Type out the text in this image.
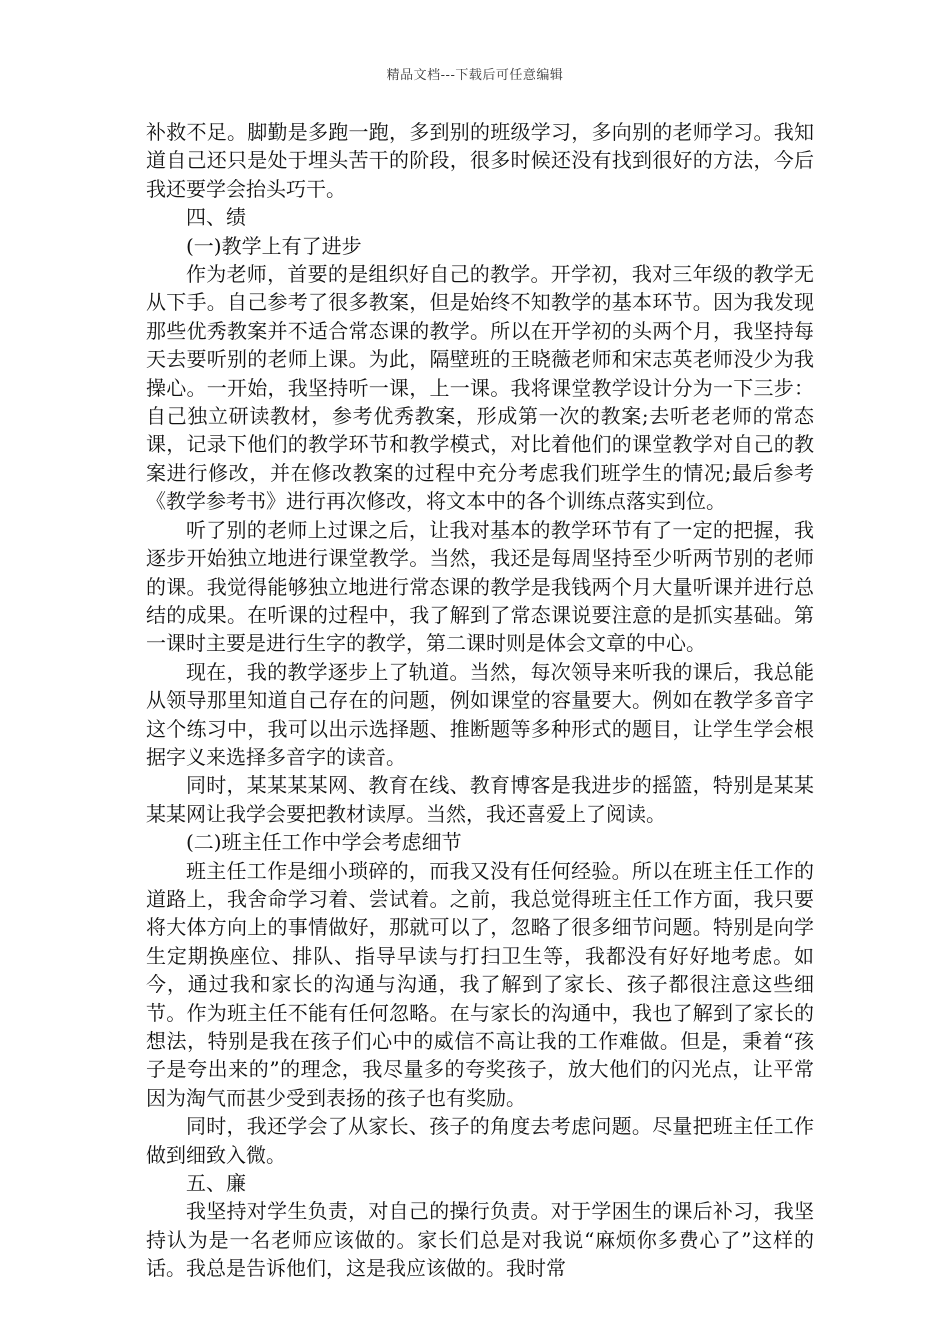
精品文档---下载后可任意编辑

补救不足。脚勤是多跑一跑，多到别的班级学习，多向别的老师学习。我知道自己还只是处于埋头苦干的阶段，很多时候还没有找到很好的方法，今后我还要学会抬头巧干。

四、绩

(一)教学上有了进步

作为老师，首要的是组织好自己的教学。开学初，我对三年级的教学无从下手。自己参考了很多教案，但是始终不知教学的基本环节。因为我发现那些优秀教案并不适合常态课的教学。所以在开学初的头两个月，我坚持每天去要听别的老师上课。为此，隔壁班的王晓薇老师和宋志英老师没少为我操心。一开始，我坚持听一课，上一课。我将课堂教学设计分为一下三步：自己独立研读教材，参考优秀教案，形成第一次的教案;去听老老师的常态课，记录下他们的教学环节和教学模式，对比着他们的课堂教学对自己的教案进行修改，并在修改教案的过程中充分考虑我们班学生的情况;最后参考《教学参考书》进行再次修改，将文本中的各个训练点落实到位。

听了别的老师上过课之后，让我对基本的教学环节有了一定的把握，我逐步开始独立地进行课堂教学。当然，我还是每周坚持至少听两节别的老师的课。我觉得能够独立地进行常态课的教学是我钱两个月大量听课并进行总结的成果。在听课的过程中，我了解到了常态课说要注意的是抓实基础。第一课时主要是进行生字的教学，第二课时则是体会文章的中心。

现在，我的教学逐步上了轨道。当然，每次领导来听我的课后，我总能从领导那里知道自己存在的问题，例如课堂的容量要大。例如在教学多音字这个练习中，我可以出示选择题、推断题等多种形式的题目，让学生学会根据字义来选择多音字的读音。

同时，某某某某网、教育在线、教育博客是我进步的摇篮，特别是某某某某网让我学会要把教材读厚。当然，我还喜爱上了阅读。

(二)班主任工作中学会考虑细节

班主任工作是细小琐碎的，而我又没有任何经验。所以在班主任工作的道路上，我舍命学习着、尝试着。之前，我总觉得班主任工作方面，我只要将大体方向上的事情做好，那就可以了，忽略了很多细节问题。特别是向学生定期换座位、排队、指导早读与打扫卫生等，我都没有好好地考虑。如今，通过我和家长的沟通与沟通，我了解到了家长、孩子都很注意这些细节。作为班主任不能有任何忽略。在与家长的沟通中，我也了解到了家长的想法，特别是我在孩子们心中的威信不高让我的工作难做。但是，秉着“孩子是夸出来的”的理念，我尽量多的夸奖孩子，放大他们的闪光点，让平常因为淘气而甚少受到表扬的孩子也有奖励。

同时，我还学会了从家长、孩子的角度去考虑问题。尽量把班主任工作做到细致入微。

五、廉

我坚持对学生负责，对自己的操行负责。对于学困生的课后补习，我坚持认为是一名老师应该做的。家长们总是对我说“麻烦你多费心了”这样的话。我总是告诉他们，这是我应该做的。我时常
